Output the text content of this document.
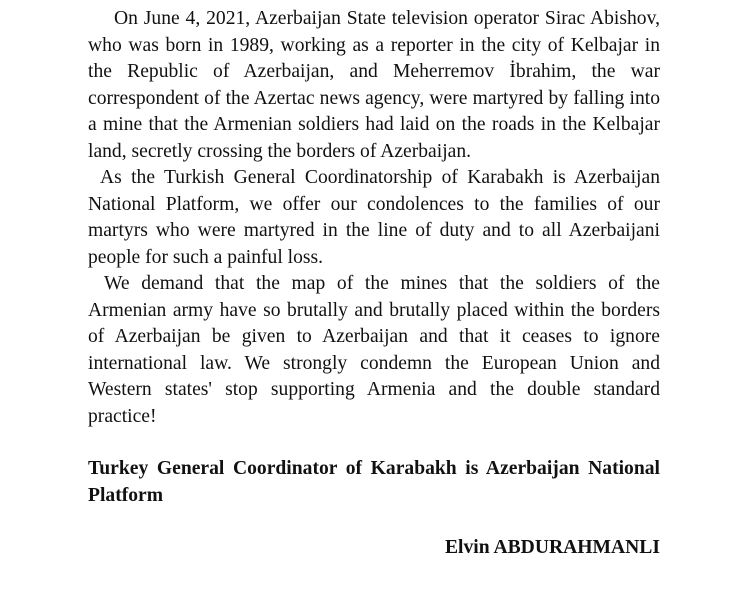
On June 4, 2021, Azerbaijan State television operator Sirac Abishov, who was born in 1989, working as a reporter in the city of Kelbajar in the Republic of Azerbaijan, and Meherremov İbrahim, the war correspondent of the Azertac news agency, were martyred by falling into a mine that the Armenian soldiers had laid on the roads in the Kelbajar land, secretly crossing the borders of Azerbaijan.

As the Turkish General Coordinatorship of Karabakh is Azerbaijan National Platform, we offer our condolences to the families of our martyrs who were martyred in the line of duty and to all Azerbaijani people for such a painful loss.

We demand that the map of the mines that the soldiers of the Armenian army have so brutally and brutally placed within the borders of Azerbaijan be given to Azerbaijan and that it ceases to ignore international law. We strongly condemn the European Union and Western states' stop supporting Armenia and the double standard practice!

Turkey General Coordinator of Karabakh is Azerbaijan National Platform

Elvin ABDURAHMANLI
